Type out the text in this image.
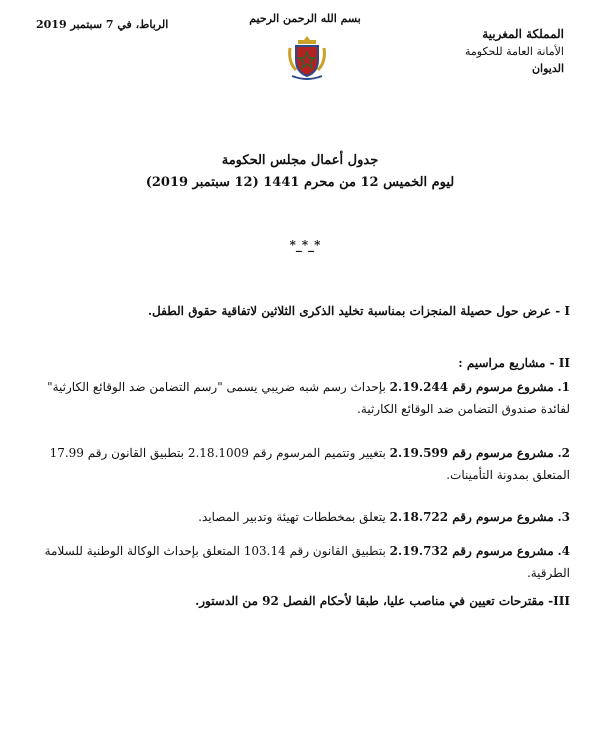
الرباط، في 7 سبتمبر 2019	بسم الله الرحمن الرحيم
المملكة المغربية
الأمانة العامة للحكومة
الديوان
جدول أعمال مجلس الحكومة
ليوم الخميس 12 من محرم 1441 (12 سبتمبر 2019)
*_*_*
I - عرض حول حصيلة المنجزات بمناسبة تخليد الذكرى الثلاثين لاتفاقية حقوق الطفل.
II - مشاريع مراسيم :
1. مشروع مرسوم رقم 2.19.244 بإحداث رسم شبه ضريبي يسمى "رسم التضامن ضد الوقائع الكارثية" لفائدة صندوق التضامن ضد الوقائع الكارثية.
2. مشروع مرسوم رقم 2.19.599 بتغيير وتتميم المرسوم رقم 2.18.1009 بتطبيق القانون رقم 17.99 المتعلق بمدونة التأمينات.
3. مشروع مرسوم رقم 2.18.722 يتعلق بمخططات تهيئة وتدبير المصايد.
4. مشروع مرسوم رقم 2.19.732 بتطبيق القانون رقم 103.14 المتعلق بإحداث الوكالة الوطنية للسلامة الطرقية.
III- مقترحات تعيين في مناصب عليا، طبقا لأحكام الفصل 92 من الدستور.
